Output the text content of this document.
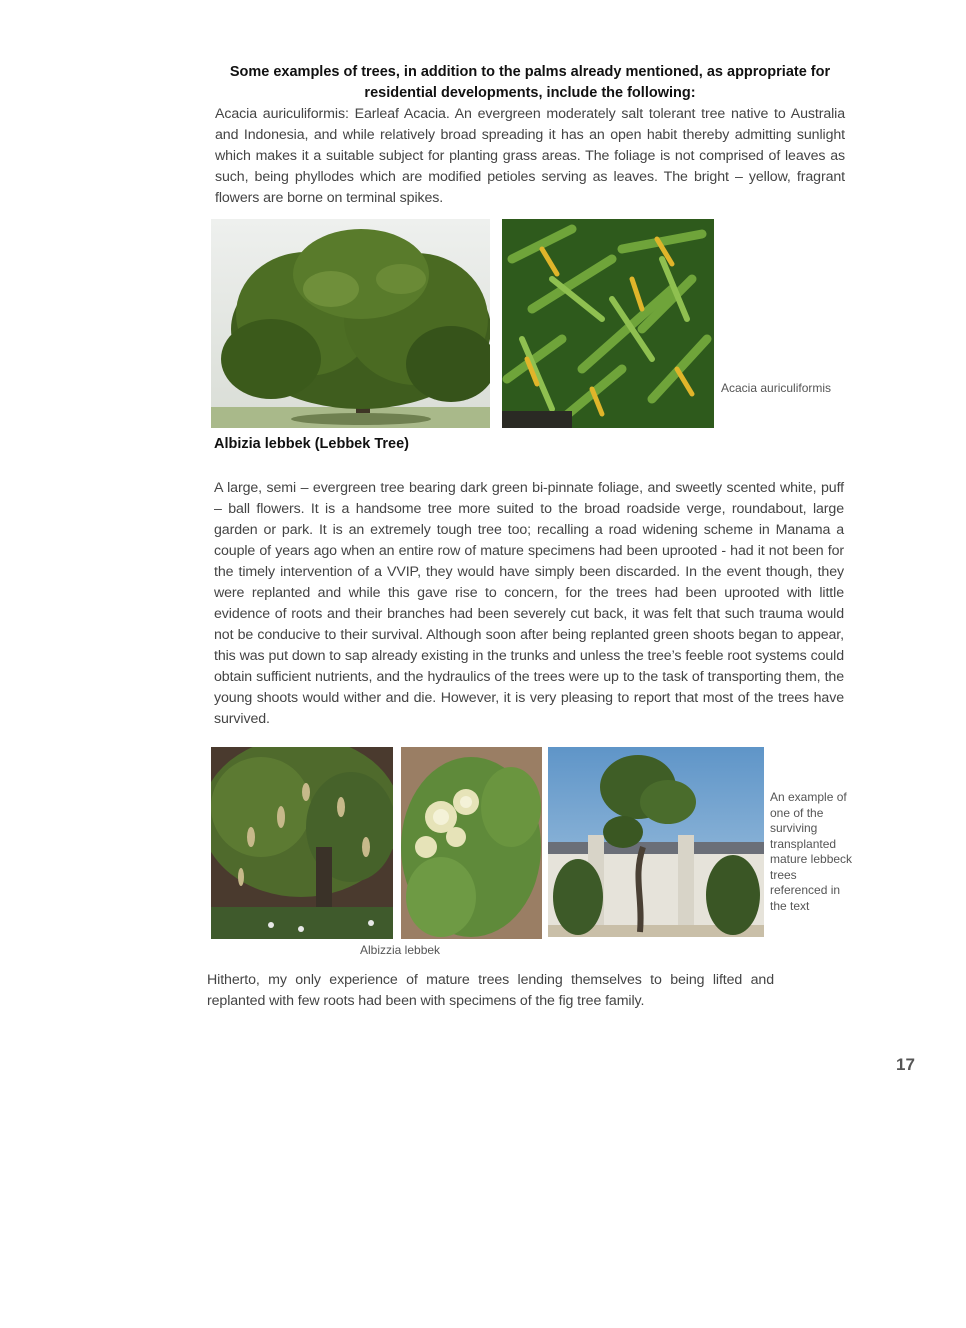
Some examples of trees, in addition to the palms already mentioned, as appropriate for residential developments, include the following:
Acacia auriculiformis: Earleaf Acacia. An evergreen moderately salt tolerant tree native to Australia and Indonesia, and while relatively broad spreading it has an open habit thereby admitting sunlight which makes it a suitable subject for planting grass areas. The foliage is not comprised of leaves as such, being phyllodes which are modified petioles serving as leaves. The bright – yellow, fragrant flowers are borne on terminal spikes.
Acacia auriculiformis
Albizia lebbek (Lebbek Tree)
A large, semi – evergreen tree bearing dark green bi-pinnate foliage, and sweetly scented white, puff – ball flowers. It is a handsome tree more suited to the broad roadside verge, roundabout, large garden or park. It is an extremely tough tree too; recalling a road widening scheme in Manama a couple of years ago when an entire row of mature specimens had been uprooted - had it not been for the timely intervention of a VVIP, they would have simply been discarded. In the event though, they were replanted and while this gave rise to concern, for the trees had been uprooted with little evidence of roots and their branches had been severely cut back, it was felt that such trauma would not be conducive to their survival. Although soon after being replanted green shoots began to appear, this was put down to sap already existing in the trunks and unless the tree’s feeble root systems could obtain sufficient nutrients, and the hydraulics of the trees were up to the task of transporting them, the young shoots would wither and die. However, it is very pleasing to report that most of the trees have survived.
An example of one of the surviving transplanted mature lebbeck trees referenced in the text
Albizzia lebbek
Hitherto, my only experience of mature trees lending themselves to being lifted and replanted with few roots had been with specimens of the fig tree family.
17
